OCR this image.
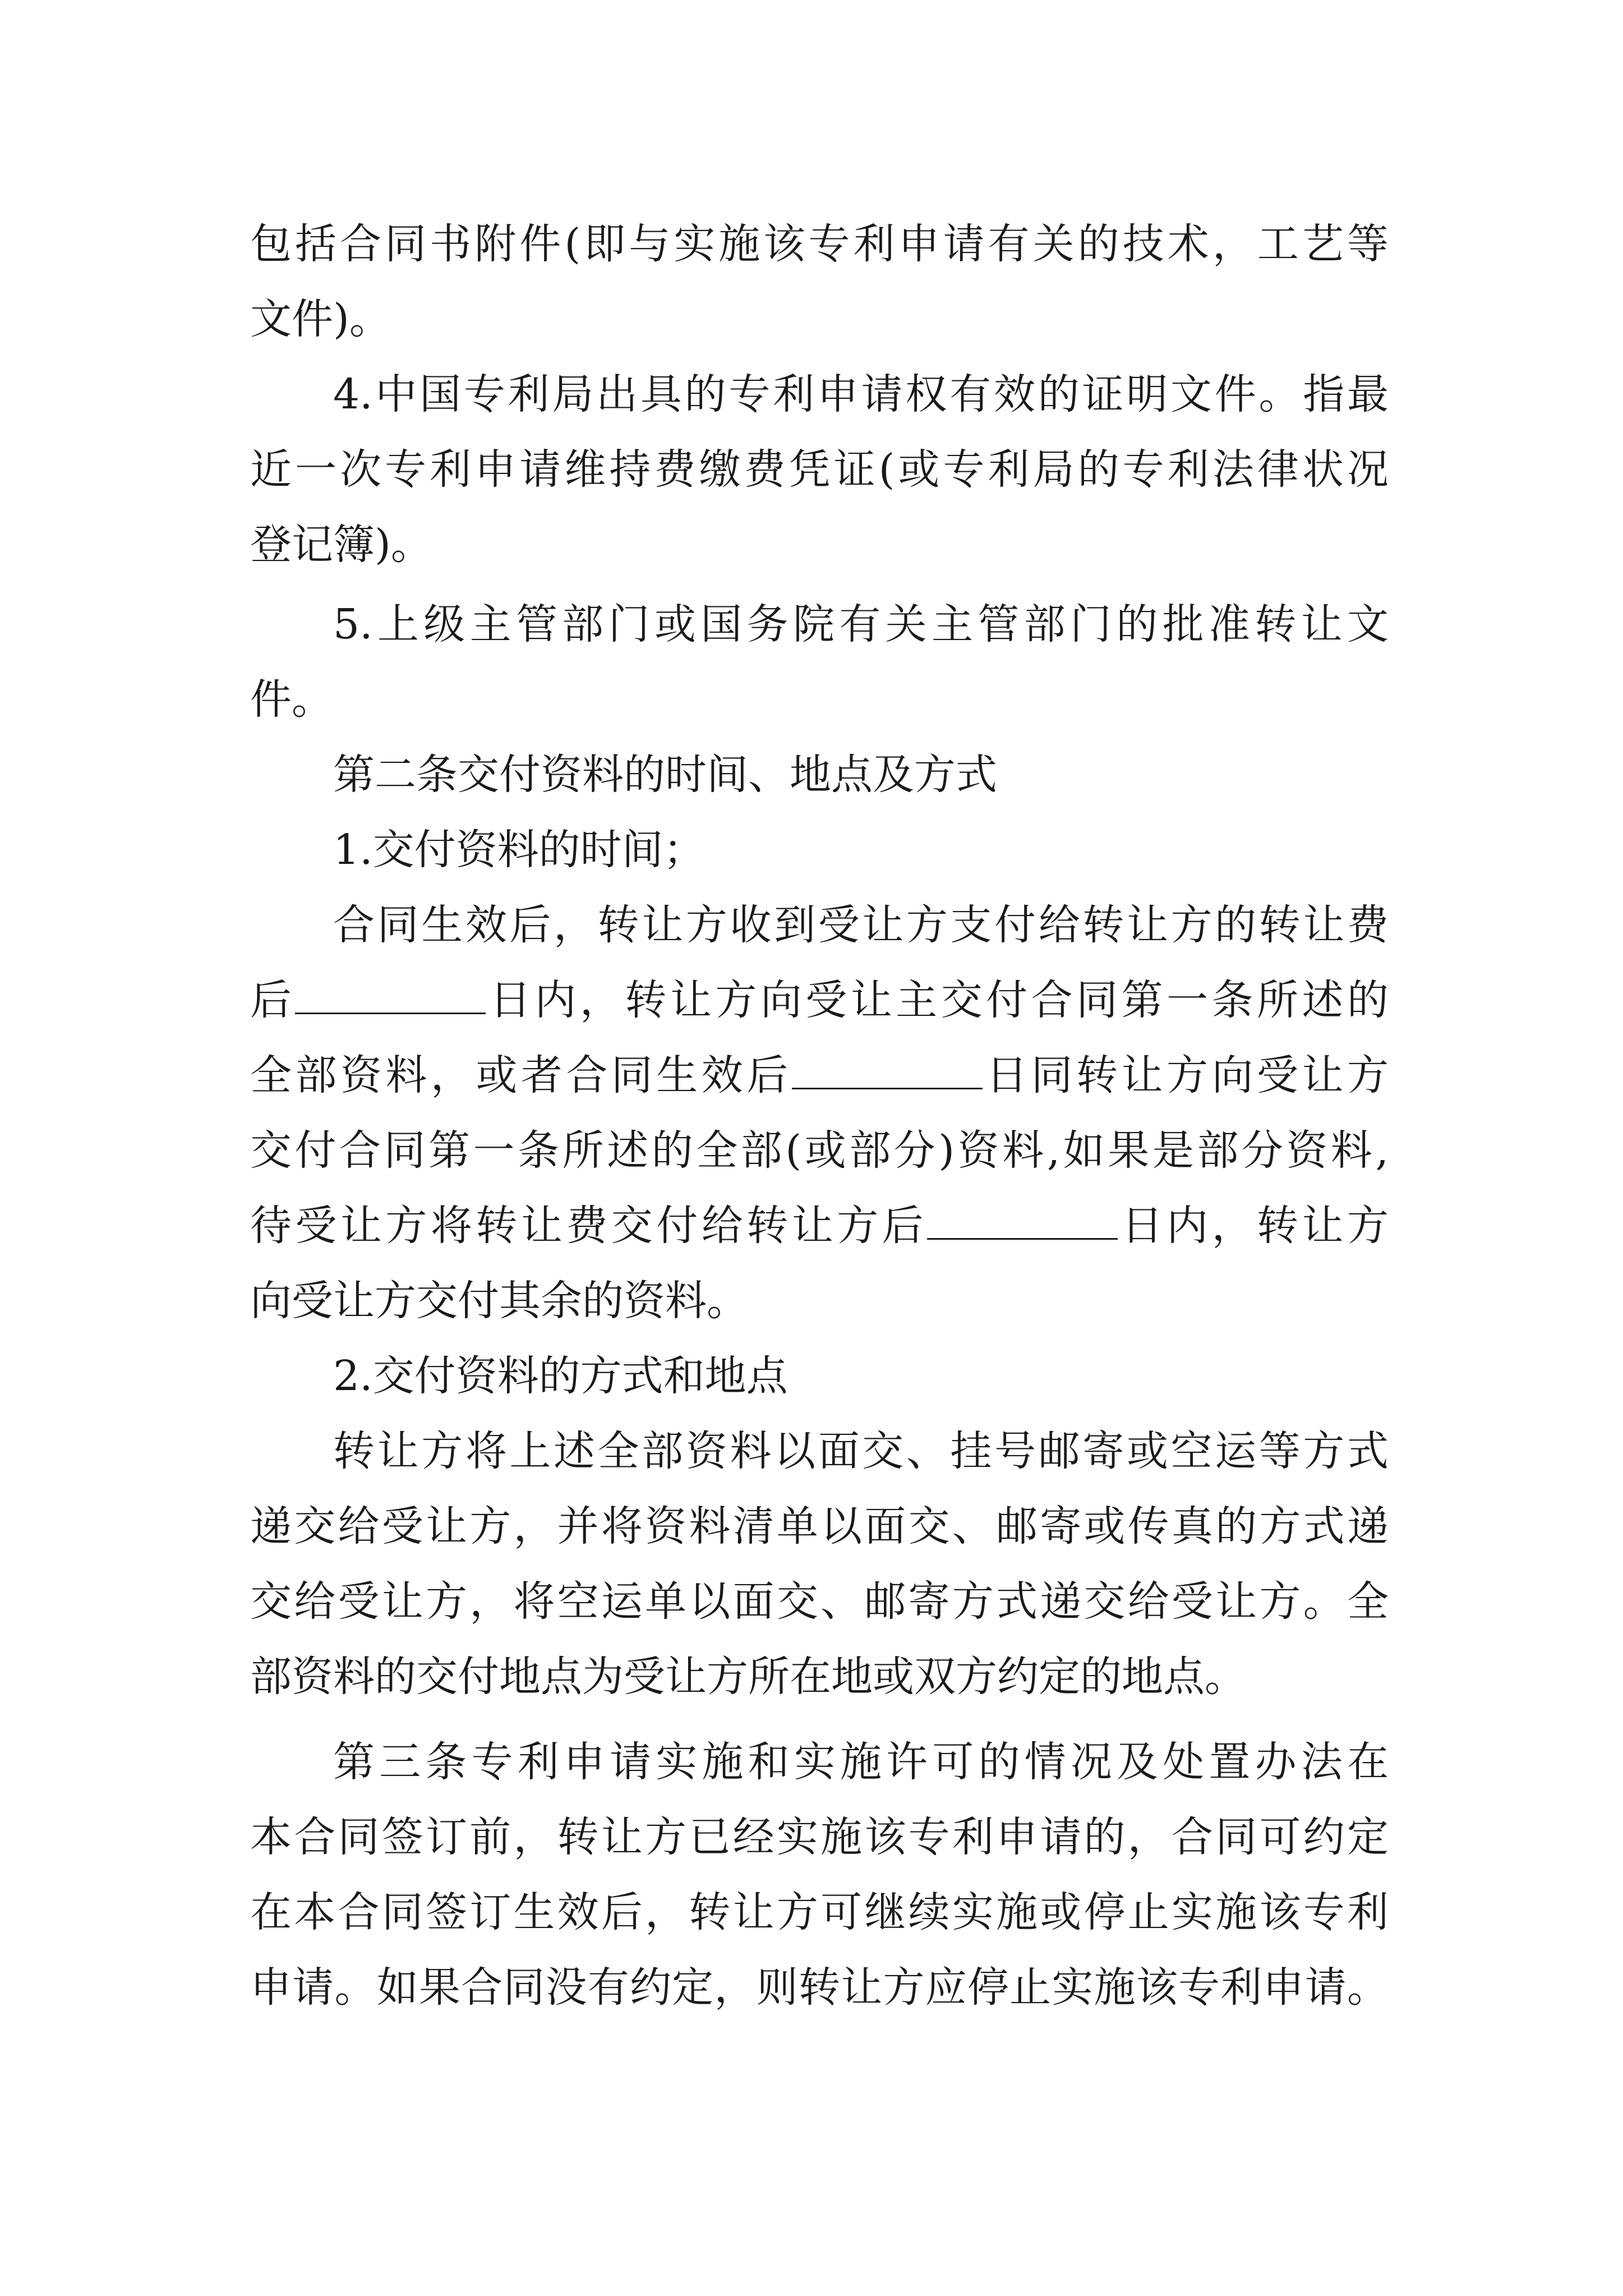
包括合同书附件(即与实施该专利申请有关的技术，工艺等
文件)。
4.中国专利局出具的专利申请权有效的证明文件。指最
近一次专利申请维持费缴费凭证(或专利局的专利法律状况
登记簿)。
5.上级主管部门或国务院有关主管部门的批准转让文
件。
第二条交付资料的时间、地点及方式
1.交付资料的时间；
合同生效后，转让方收到受让方支付给转让方的转让费
后	日内，转让方向受让主交付合同第一条所述的
全部资料，或者合同生效后	日同转让方向受让方
交付合同第一条所述的全部(或部分)资料,如果是部分资料,
待受让方将转让费交付给转让方后	日内，转让方
向受让方交付其余的资料。
2.交付资料的方式和地点
转让方将上述全部资料以面交、挂号邮寄或空运等方式
递交给受让方，并将资料清单以面交、邮寄或传真的方式递
交给受让方，将空运单以面交、邮寄方式递交给受让方。全
部资料的交付地点为受让方所在地或双方约定的地点。
第三条专利申请实施和实施许可的情况及处置办法在
本合同签订前，转让方已经实施该专利申请的，合同可约定
在本合同签订生效后，转让方可继续实施或停止实施该专利
申请。如果合同没有约定，则转让方应停止实施该专利申请。
